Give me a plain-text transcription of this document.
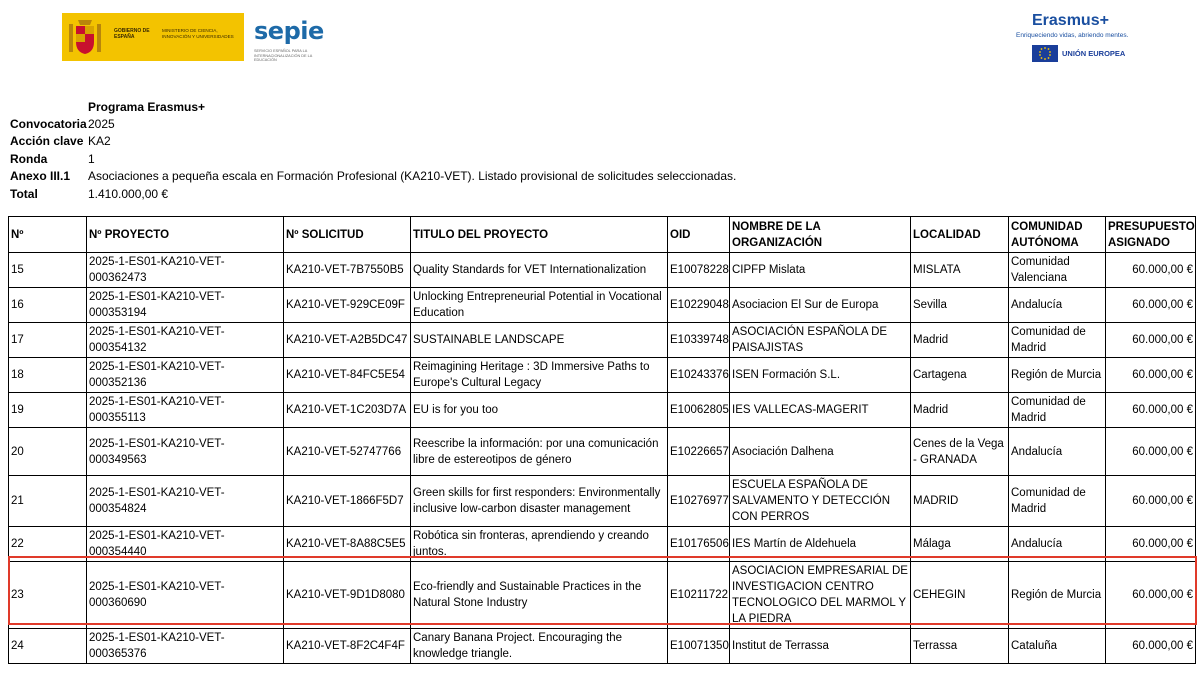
GOBIERNO DE ESPAÑA
MINISTERIO DE CIENCIA, INNOVACIÓN Y UNIVERSIDADES sepie
SERVICIO ESPAÑOL PARA LA INTERNACIONALIZACIÓN DE LA EDUCACIÓN
Erasmus+
Enriqueciendo vidas, abriendo mentes.
UNIÓN EUROPEA
Programa Erasmus+
Convocatoria 2025
Acción clave KA2
Ronda	1
Anexo III.1	Asociaciones a pequeña escala en Formación Profesional (KA210-VET). Listado provisional de solicitudes seleccionadas.
Total	1.410.000,00 €
Nº	Nº PROYECTO	Nº SOLICITUD	TITULO DEL PROYECTO	OID	NOMBRE DE LA ORGANIZACIÓN	LOCALIDAD	COMUNIDAD AUTÓNOMA	PRESUPUESTO ASIGNADO
15	2025-1-ES01-KA210-VET-000362473	KA210-VET-7B7550B5	Quality Standards for VET Internationalization	E10078228	CIPFP Mislata	MISLATA	Comunidad Valenciana	60.000,00 €
16	2025-1-ES01-KA210-VET-000353194	KA210-VET-929CE09F	Unlocking Entrepreneurial Potential in Vocational Education	E10229048	Asociacion El Sur de Europa	Sevilla	Andalucía	60.000,00 €
17	2025-1-ES01-KA210-VET-000354132	KA210-VET-A2B5DC47	SUSTAINABLE LANDSCAPE	E10339748	ASOCIACIÓN ESPAÑOLA DE PAISAJISTAS	Madrid	Comunidad de Madrid	60.000,00 €
18	2025-1-ES01-KA210-VET-000352136	KA210-VET-84FC5E54	Reimagining Heritage : 3D Immersive Paths to Europe's Cultural Legacy	E10243376	ISEN Formación S.L.	Cartagena	Región de Murcia	60.000,00 €
19	2025-1-ES01-KA210-VET-000355113	KA210-VET-1C203D7A	EU is for you too	E10062805	IES VALLECAS-MAGERIT	Madrid	Comunidad de Madrid	60.000,00 €
20	2025-1-ES01-KA210-VET-000349563	KA210-VET-52747766	Reescribe la información: por una comunicación libre de estereotipos de género	E10226657	Asociación Dalhena	Cenes de la Vega - GRANADA	Andalucía	60.000,00 €
21	2025-1-ES01-KA210-VET-000354824	KA210-VET-1866F5D7	Green skills for first responders: Environmentally inclusive low-carbon disaster management	E10276977	ESCUELA ESPAÑOLA DE SALVAMENTO Y DETECCIÓN CON PERROS	MADRID	Comunidad de Madrid	60.000,00 €
22	2025-1-ES01-KA210-VET-000354440	KA210-VET-8A88C5E5	Robótica sin fronteras, aprendiendo y creando juntos.	E10176506	IES Martín de Aldehuela	Málaga	Andalucía	60.000,00 €
23	2025-1-ES01-KA210-VET-000360690	KA210-VET-9D1D8080	Eco-friendly and Sustainable Practices in the Natural Stone Industry	E10211722	ASOCIACION EMPRESARIAL DE INVESTIGACION CENTRO TECNOLOGICO DEL MARMOL Y LA PIEDRA	CEHEGIN	Región de Murcia	60.000,00 €
24	2025-1-ES01-KA210-VET-000365376	KA210-VET-8F2C4F4F	Canary Banana Project. Encouraging the knowledge triangle.	E10071350	Institut de Terrassa	Terrassa	Cataluña	60.000,00 €
